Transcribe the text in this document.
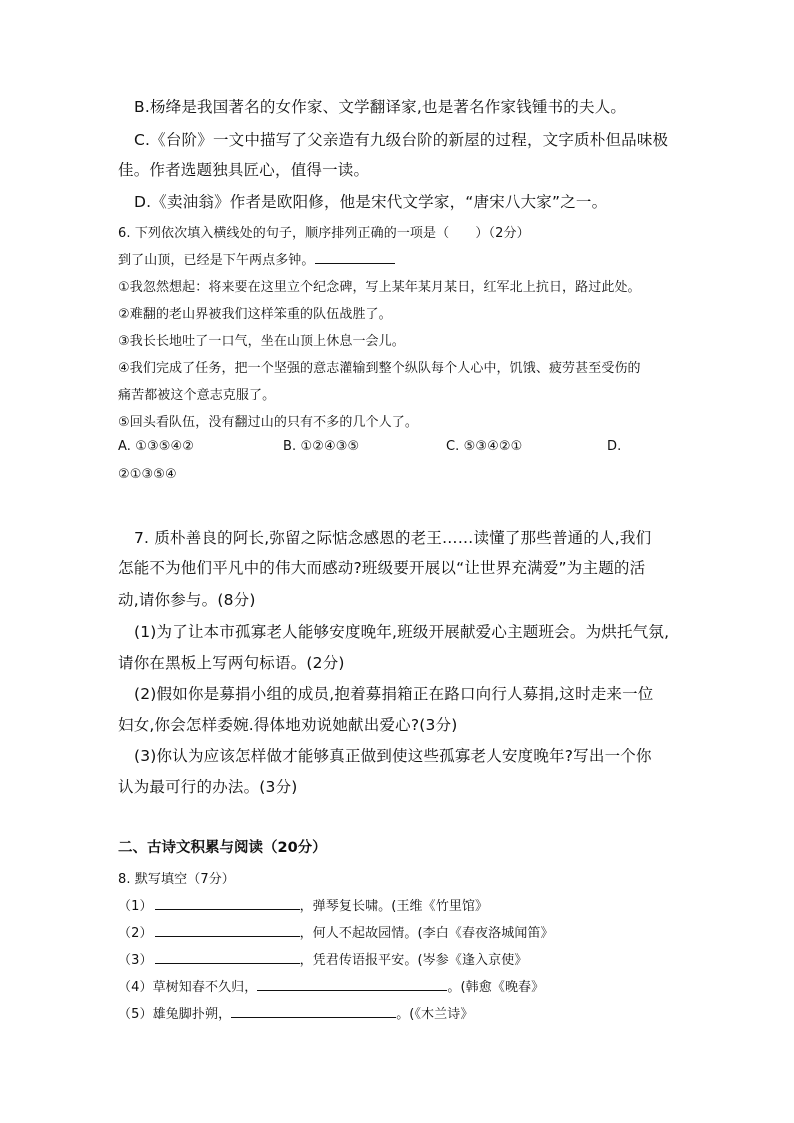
B.杨绛是我国著名的女作家、文学翻译家,也是著名作家钱锺书的夫人。

C.《台阶》一文中描写了父亲造有九级台阶的新屋的过程，文字质朴但品味极

佳。作者选题独具匠心，值得一读。

D.《卖油翁》作者是欧阳修，他是宋代文学家，“唐宋八大家”之一。

6. 下列依次填入横线处的句子，顺序排列正确的一项是（　　）（2分）

到了山顶，已经是下午两点多钟。

①我忽然想起：将来要在这里立个纪念碑，写上某年某月某日，红军北上抗日，路过此处。

②难翻的老山界被我们这样笨重的队伍战胜了。

③我长长地吐了一口气，坐在山顶上休息一会儿。

④我们完成了任务，把一个坚强的意志灌输到整个纵队每个人心中，饥饿、疲劳甚至受伤的

痛苦都被这个意志克服了。

⑤回头看队伍，没有翻过山的只有不多的几个人了。

A. ①③⑤④②	B. ①②④③⑤	C. ⑤③④②①	D.

②①③⑤④

7. 质朴善良的阿长,弥留之际惦念感恩的老王……读懂了那些普通的人,我们

怎能不为他们平凡中的伟大而感动?班级要开展以“让世界充满爱”为主题的活

动,请你参与。(8分)

(1)为了让本市孤寡老人能够安度晚年,班级开展献爱心主题班会。为烘托气氛,

请你在黑板上写两句标语。(2分)

(2)假如你是募捐小组的成员,抱着募捐箱正在路口向行人募捐,这时走来一位

妇女,你会怎样委婉.得体地劝说她献出爱心?(3分)

(3)你认为应该怎样做才能够真正做到使这些孤寡老人安度晚年?写出一个你

认为最可行的办法。(3分)

二、古诗文积累与阅读（20分）

8. 默写填空（7分）

（1）	，弹琴复长啸。(王维《竹里馆》

（2）	，何人不起故园情。(李白《春夜洛城闻笛》

（3）	，凭君传语报平安。(岑参《逢入京使》

（4）草树知春不久归，	。(韩愈《晚春》

（5）雄兔脚扑朔，	。(《木兰诗》
